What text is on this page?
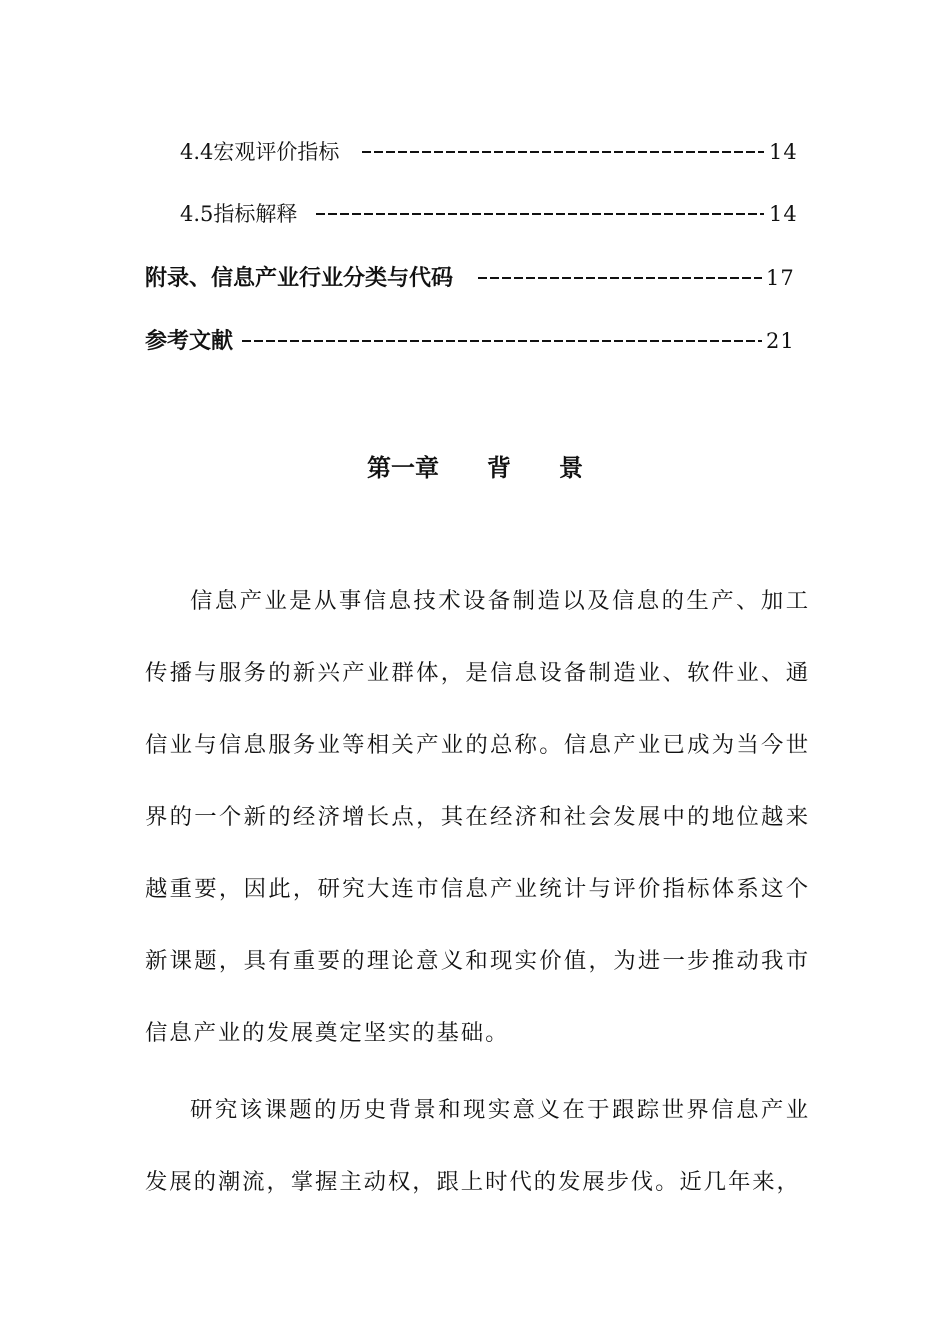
4.4宏观评价指标	14
4.5指标解释	14
附录、信息产业行业分类与代码	17
参考文献	21
第一章　　背　　景

信息产业是从事信息技术设备制造以及信息的生产、加工传播与服务的新兴产业群体，是信息设备制造业、软件业、通信业与信息服务业等相关产业的总称。信息产业已成为当今世界的一个新的经济增长点，其在经济和社会发展中的地位越来越重要，因此，研究大连市信息产业统计与评价指标体系这个新课题，具有重要的理论意义和现实价值，为进一步推动我市信息产业的发展奠定坚实的基础。

研究该课题的历史背景和现实意义在于跟踪世界信息产业发展的潮流，掌握主动权，跟上时代的发展步伐。近几年来，
